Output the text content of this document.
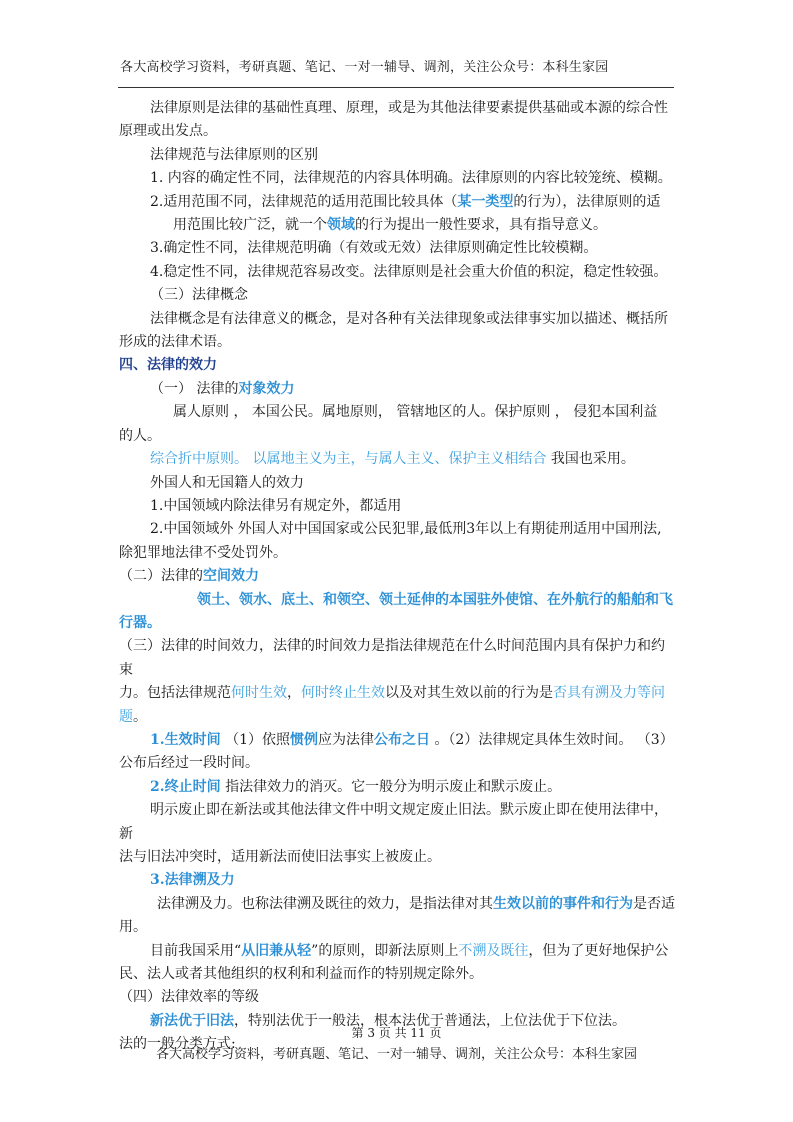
各大高校学习资料，考研真题、笔记、一对一辅导、调剂，关注公众号：本科生家园

法律原则是法律的基础性真理、原理，或是为其他法律要素提供基础或本源的综合性
原理或出发点。

法律规范与法律原则的区别

1. 内容的确定性不同，法律规范的内容具体明确。法律原则的内容比较笼统、模糊。

2.适用范围不同，法律规范的适用范围比较具体（某一类型的行为），法律原则的适

用范围比较广泛，就一个领域的行为提出一般性要求，具有指导意义。

3.确定性不同，法律规范明确（有效或无效）法律原则确定性比较模糊。

4.稳定性不同，法律规范容易改变。法律原则是社会重大价值的积淀，稳定性较强。

（三）法律概念

法律概念是有法律意义的概念，是对各种有关法律现象或法律事实加以描述、概括所
形成的法律术语。

四、法律的效力

（一） 法律的对象效力

属人原则 ， 本国公民。属地原则， 管辖地区的人。保护原则 ， 侵犯本国利益
的人。

综合折中原则。 以属地主义为主，与属人主义、保护主义相结合 我国也采用。

外国人和无国籍人的效力

1.中国领域内除法律另有规定外，都适用

2.中国领域外 外国人对中国国家或公民犯罪,最低刑3年以上有期徒刑适用中国刑法,
除犯罪地法律不受处罚外。

（二）法律的空间效力

领土、领水、底土、和领空、领土延伸的本国驻外使馆、在外航行的船舶和飞
行器。

（三）法律的时间效力，法律的时间效力是指法律规范在什么时间范围内具有保护力和约束
力。包括法律规范何时生效，何时终止生效以及对其生效以前的行为是否具有溯及力等问题。

1.生效时间 （1）依照惯例应为法律公布之日 。（2）法律规定具体生效时间。 （3）
公布后经过一段时间。

2.终止时间 指法律效力的消灭。它一般分为明示废止和默示废止。

明示废止即在新法或其他法律文件中明文规定废止旧法。默示废止即在使用法律中，新
法与旧法冲突时，适用新法而使旧法事实上被废止。

3.法律溯及力

法律溯及力。也称法律溯及既往的效力，是指法律对其生效以前的事件和行为是否适
用。

目前我国采用“从旧兼从轻”的原则，即新法原则上不溯及既往，但为了更好地保护公
民、法人或者其他组织的权利和利益而作的特别规定除外。

（四）法律效率的等级

新法优于旧法，特别法优于一般法，根本法优于普通法，上位法优于下位法。

法的一般分类方式:

第 3 页 共 11 页
各大高校学习资料，考研真题、笔记、一对一辅导、调剂，关注公众号：本科生家园
